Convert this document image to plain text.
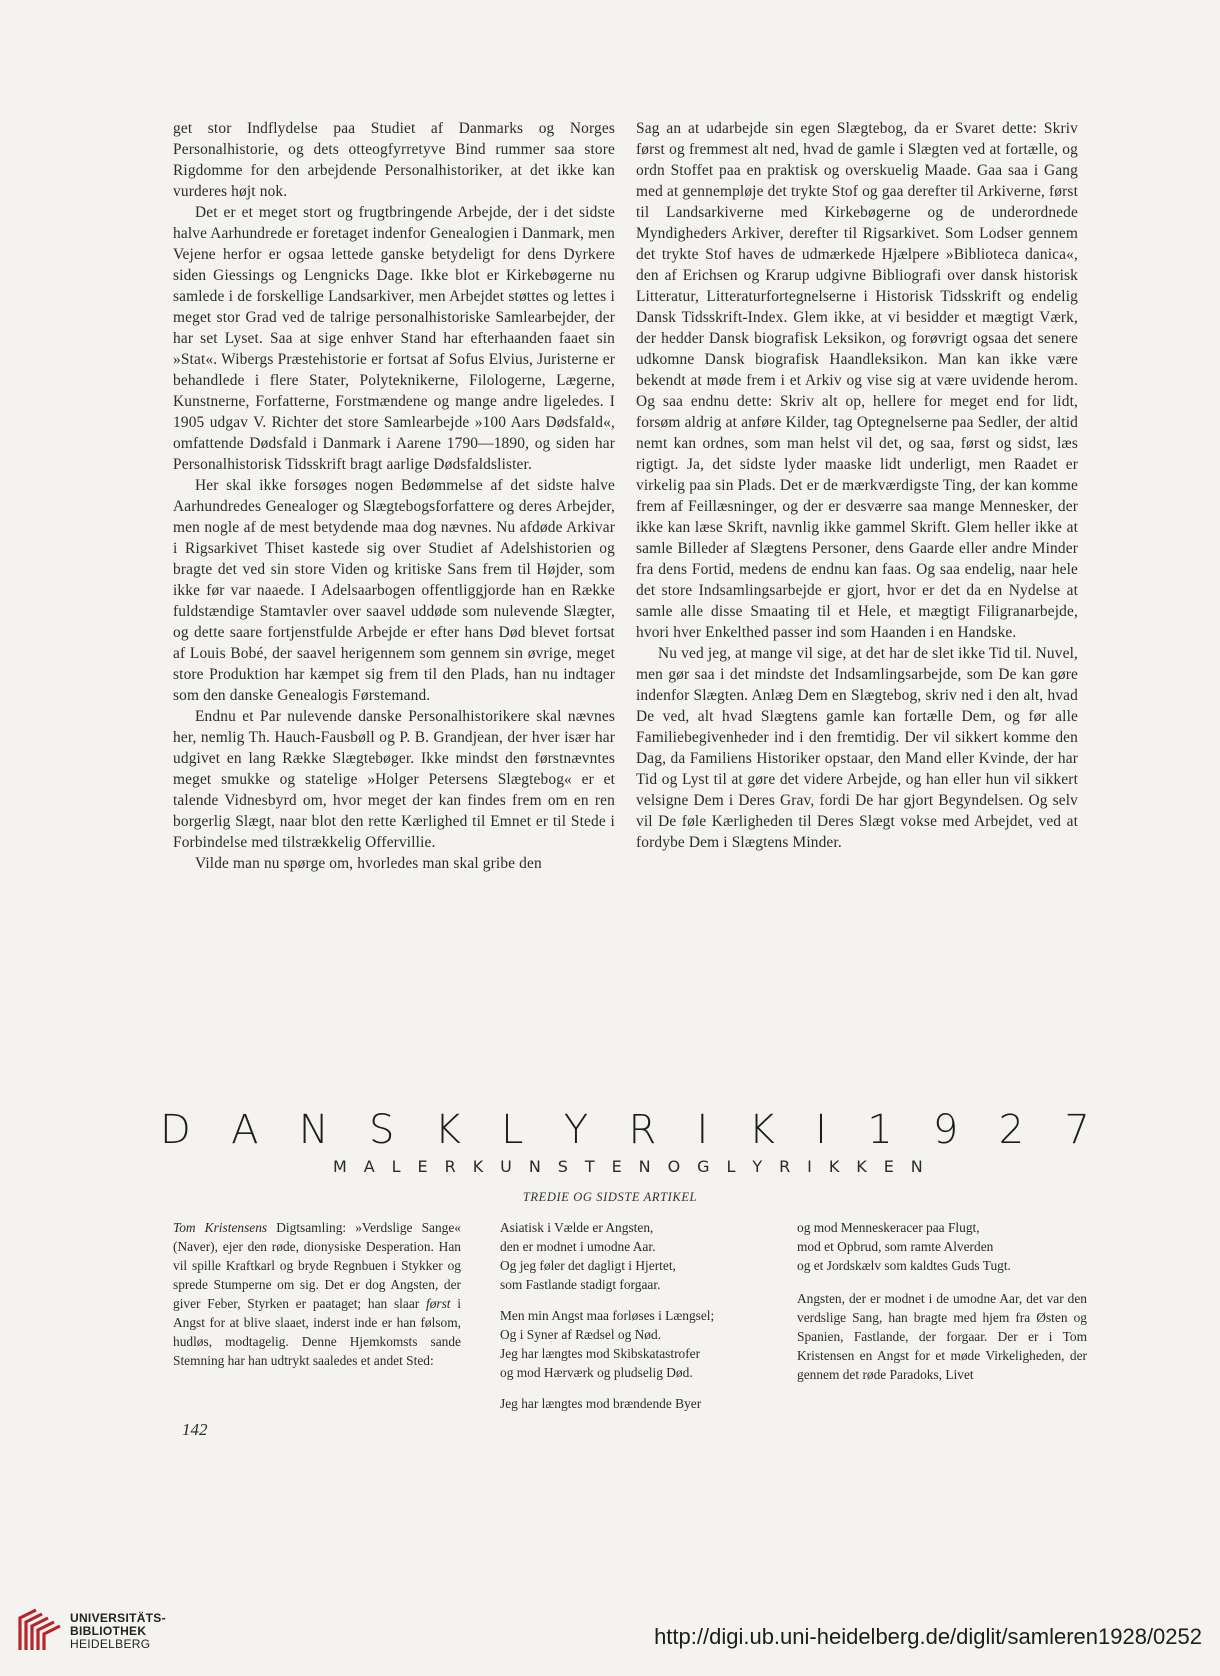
get stor Indflydelse paa Studiet af Danmarks og Norges Personalhistorie, og dets otteogfyrretyve Bind rummer saa store Rigdomme for den arbejdende Personalhistoriker, at det ikke kan vurderes højt nok.

Det er et meget stort og frugtbringende Arbejde, der i det sidste halve Aarhundrede er foretaget indenfor Genealogien i Danmark, men Vejene herfor er ogsaa lettede ganske betydeligt for dens Dyrkere siden Giessings og Lengnicks Dage. Ikke blot er Kirkebøgerne nu samlede i de forskellige Landsarkiver, men Arbejdet støttes og lettes i meget stor Grad ved de talrige personalhistoriske Samlearbejder, der har set Lyset. Saa at sige enhver Stand har efterhaanden faaet sin »Stat«. Wibergs Præstehistorie er fortsat af Sofus Elvius, Juristerne er behandlede i flere Stater, Polyteknikerne, Filologerne, Lægerne, Kunstnerne, Forfatterne, Forstmændene og mange andre ligeledes. I 1905 udgav V. Richter det store Samlearbejde »100 Aars Dødsfald«, omfattende Dødsfald i Danmark i Aarene 1790—1890, og siden har Personalhistorisk Tidsskrift bragt aarlige Dødsfaldslister.

Her skal ikke forsøges nogen Bedømmelse af det sidste halve Aarhundredes Genealoger og Slægtebogsforfattere og deres Arbejder, men nogle af de mest betydende maa dog nævnes. Nu afdøde Arkivar i Rigsarkivet Thiset kastede sig over Studiet af Adelshistorien og bragte det ved sin store Viden og kritiske Sans frem til Højder, som ikke før var naaede. I Adelsaarbogen offentliggjorde han en Række fuldstændige Stamtavler over saavel uddøde som nulevende Slægter, og dette saare fortjenstfulde Arbejde er efter hans Død blevet fortsat af Louis Bobé, der saavel herigennem som gennem sin øvrige, meget store Produktion har kæmpet sig frem til den Plads, han nu indtager som den danske Genealogis Førstemand.

Endnu et Par nulevende danske Personalhistorikere skal nævnes her, nemlig Th. Hauch-Fausbøll og P. B. Grandjean, der hver især har udgivet en lang Række Slægtebøger. Ikke mindst den førstnævntes meget smukke og statelige »Holger Petersens Slægtebog« er et talende Vidnesbyrd om, hvor meget der kan findes frem om en ren borgerlig Slægt, naar blot den rette Kærlighed til Emnet er til Stede i Forbindelse med tilstrækkelig Offervillie.

Vilde man nu spørge om, hvorledes man skal gribe den

Sag an at udarbejde sin egen Slægtebog, da er Svaret dette: Skriv først og fremmest alt ned, hvad de gamle i Slægten ved at fortælle, og ordn Stoffet paa en praktisk og overskuelig Maade. Gaa saa i Gang med at gennempløje det trykte Stof og gaa derefter til Arkiverne, først til Landsarkiverne med Kirkebøgerne og de underordnede Myndigheders Arkiver, derefter til Rigsarkivet. Som Lodser gennem det trykte Stof haves de udmærkede Hjælpere »Biblioteca danica«, den af Erichsen og Krarup udgivne Bibliografi over dansk historisk Litteratur, Litteraturfortegnelserne i Historisk Tidsskrift og endelig Dansk Tidsskrift-Index. Glem ikke, at vi besidder et mægtigt Værk, der hedder Dansk biografisk Leksikon, og forøvrigt ogsaa det senere udkomne Dansk biografisk Haandleksikon. Man kan ikke være bekendt at møde frem i et Arkiv og vise sig at være uvidende herom. Og saa endnu dette: Skriv alt op, hellere for meget end for lidt, forsøm aldrig at anføre Kilder, tag Optegnelserne paa Sedler, der altid nemt kan ordnes, som man helst vil det, og saa, først og sidst, læs rigtigt. Ja, det sidste lyder maaske lidt underligt, men Raadet er virkelig paa sin Plads. Det er de mærkværdigste Ting, der kan komme frem af Feillæsninger, og der er desværre saa mange Mennesker, der ikke kan læse Skrift, navnlig ikke gammel Skrift. Glem heller ikke at samle Billeder af Slægtens Personer, dens Gaarde eller andre Minder fra dens Fortid, medens de endnu kan faas. Og saa endelig, naar hele det store Indsamlingsarbejde er gjort, hvor er det da en Nydelse at samle alle disse Smaating til et Hele, et mægtigt Filigranarbejde, hvori hver Enkelthed passer ind som Haanden i en Handske.

Nu ved jeg, at mange vil sige, at det har de slet ikke Tid til. Nuvel, men gør saa i det mindste det Indsamlingsarbejde, som De kan gøre indenfor Slægten. Anlæg Dem en Slægtebog, skriv ned i den alt, hvad De ved, alt hvad Slægtens gamle kan fortælle Dem, og før alle Familiebegivenheder ind i den fremtidig. Der vil sikkert komme den Dag, da Familiens Historiker opstaar, den Mand eller Kvinde, der har Tid og Lyst til at gøre det videre Arbejde, og han eller hun vil sikkert velsigne Dem i Deres Grav, fordi De har gjort Begyndelsen. Og selv vil De føle Kærligheden til Deres Slægt vokse med Arbejdet, ved at fordybe Dem i Slægtens Minder.

D A N S K L Y R I K I 1 9 2 7
M A L E R K U N S T E N O G L Y R I K K E N
TREDIE OG SIDSTE ARTIKEL

Tom Kristensens Digtsamling: »Verdslige Sange« (Naver), ejer den røde, dionysiske Desperation. Han vil spille Kraftkarl og bryde Regnbuen i Stykker og sprede Stumperne om sig. Det er dog Angsten, der giver Feber, Styrken er paataget; han slaar først i Angst for at blive slaaet, inderst inde er han følsom, hudløs, modtagelig. Denne Hjemkomsts sande Stemning har han udtrykt saaledes et andet Sted:

Asiatisk i Vælde er Angsten,
den er modnet i umodne Aar.
Og jeg føler det dagligt i Hjertet,
som Fastlande stadigt forgaar.
Men min Angst maa forløses i Længsel;
Og i Syner af Rædsel og Nød.
Jeg har længtes mod Skibskatastrofer
og mod Hærværk og pludselig Død.
Jeg har længtes mod brændende Byer
og mod Menneskeracer paa Flugt,
mod et Opbrud, som ramte Alverden
og et Jordskælv som kaldtes Guds Tugt.

Angsten, der er modnet i de umodne Aar, det var den verdslige Sang, han bragte med hjem fra Østen og Spanien, Fastlande, der forgaar. Der er i Tom Kristensen en Angst for et møde Virkeligheden, der gennem det røde Paradoks, Livet

142
UNIVERSITÄTS-
BIBLIOTHEK
HEIDELBERG	http://digi.ub.uni-heidelberg.de/diglit/samleren1928/0252
